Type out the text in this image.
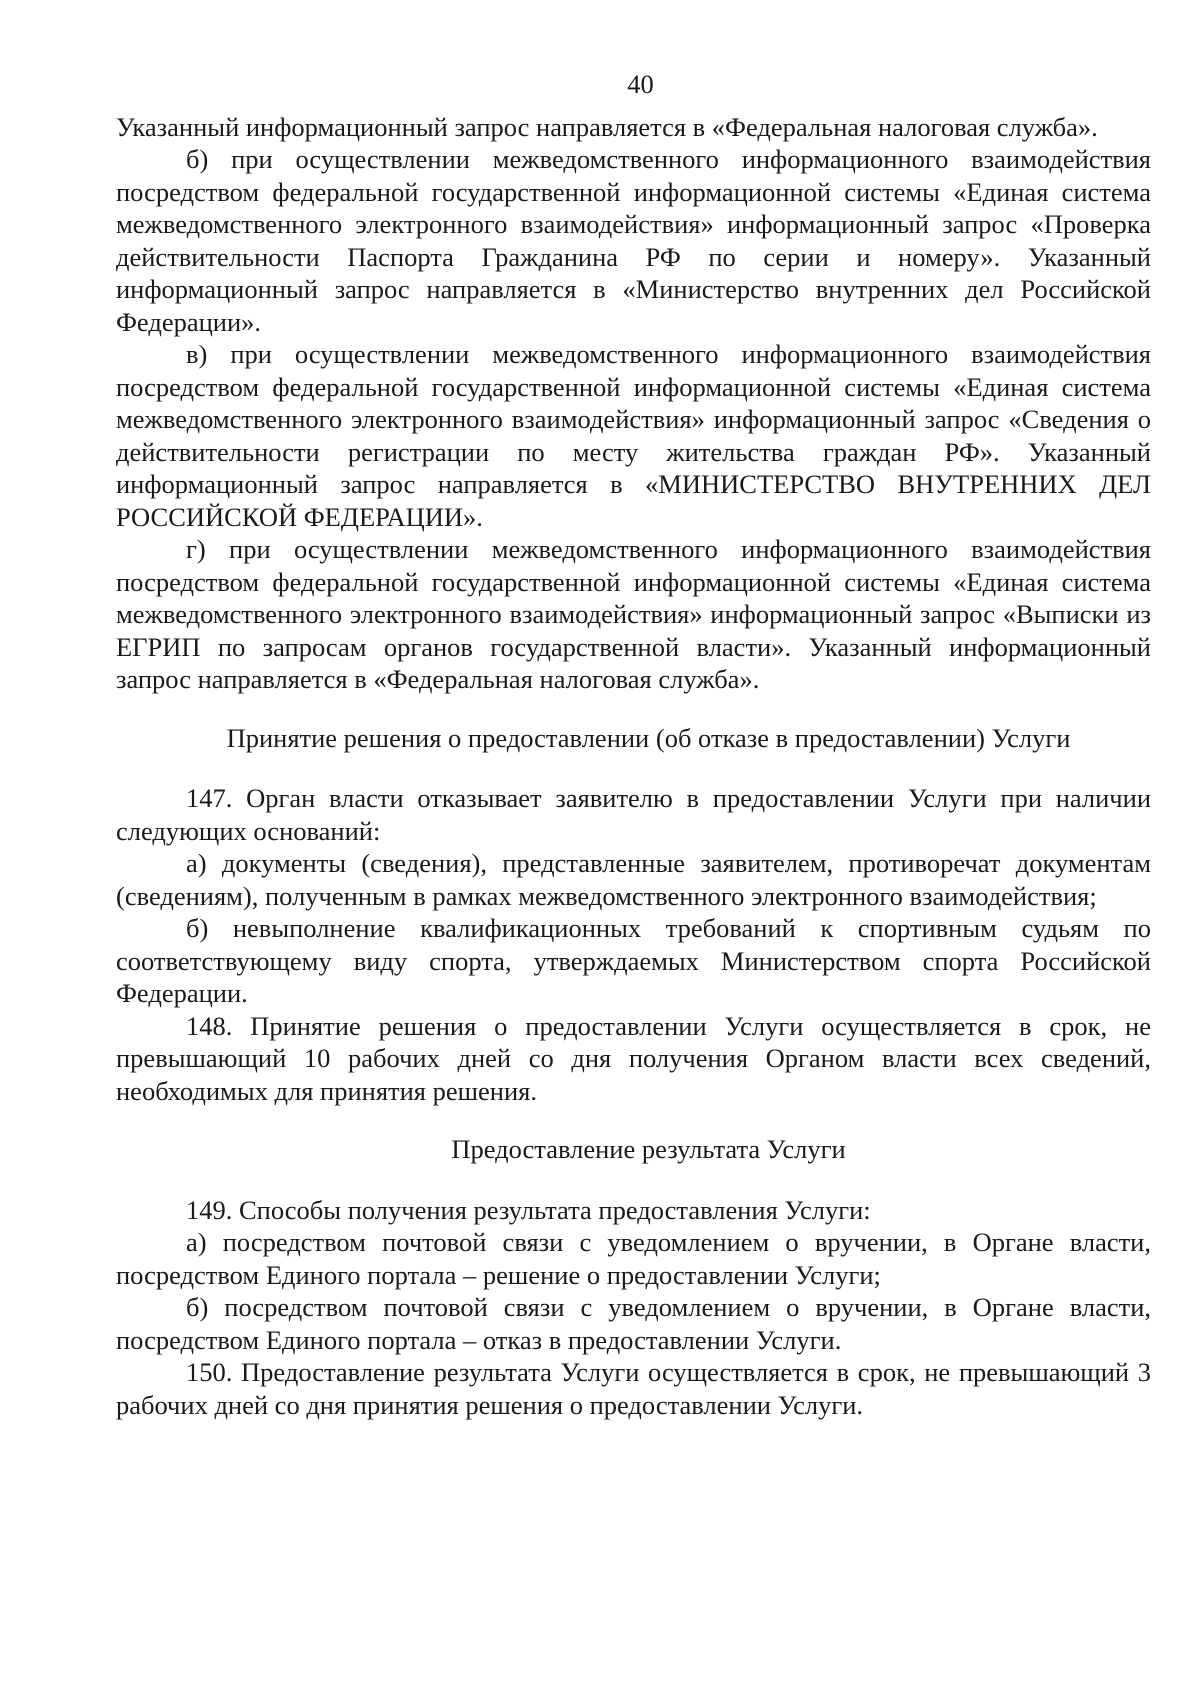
40

Указанный информационный запрос направляется в «Федеральная налоговая служба».

б) при осуществлении межведомственного информационного взаимодействия посредством федеральной государственной информационной системы «Единая система межведомственного электронного взаимодействия» информационный запрос «Проверка действительности Паспорта Гражданина РФ по серии и номеру». Указанный информационный запрос направляется в «Министерство внутренних дел Российской Федерации».

в) при осуществлении межведомственного информационного взаимодействия посредством федеральной государственной информационной системы «Единая система межведомственного электронного взаимодействия» информационный запрос «Сведения о действительности регистрации по месту жительства граждан РФ». Указанный информационный запрос направляется в «МИНИСТЕРСТВО ВНУТРЕННИХ ДЕЛ РОССИЙСКОЙ ФЕДЕРАЦИИ».

г) при осуществлении межведомственного информационного взаимодействия посредством федеральной государственной информационной системы «Единая система межведомственного электронного взаимодействия» информационный запрос «Выписки из ЕГРИП по запросам органов государственной власти». Указанный информационный запрос направляется в «Федеральная налоговая служба».

Принятие решения о предоставлении (об отказе в предоставлении) Услуги

147. Орган власти отказывает заявителю в предоставлении Услуги при наличии следующих оснований:

а) документы (сведения), представленные заявителем, противоречат документам (сведениям), полученным в рамках межведомственного электронного взаимодействия;

б) невыполнение квалификационных требований к спортивным судьям по соответствующему виду спорта, утверждаемых Министерством спорта Российской Федерации.

148. Принятие решения о предоставлении Услуги осуществляется в срок, не превышающий 10 рабочих дней со дня получения Органом власти всех сведений, необходимых для принятия решения.

Предоставление результата Услуги

149. Способы получения результата предоставления Услуги:

а) посредством почтовой связи с уведомлением о вручении, в Органе власти, посредством Единого портала – решение о предоставлении Услуги;

б) посредством почтовой связи с уведомлением о вручении, в Органе власти, посредством Единого портала – отказ в предоставлении Услуги.

150. Предоставление результата Услуги осуществляется в срок, не превышающий 3 рабочих дней со дня принятия решения о предоставлении Услуги.
